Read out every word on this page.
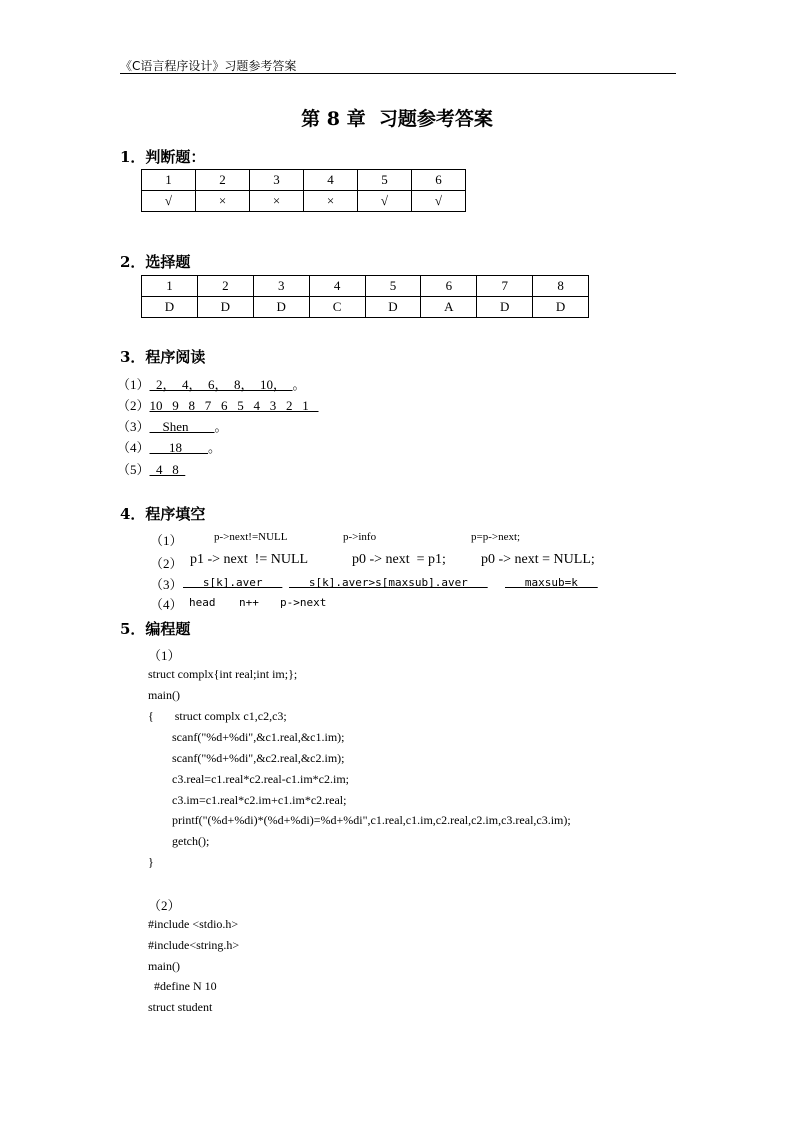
《C语言程序设计》习题参考答案
第 8 章  习题参考答案
1．判断题：
1	2	3	4	5	6
√	×	×	×	√	√
2．选择题
1	2	3	4	5	6	7	8
D	D	D	C	D	A	D	D
3．程序阅读
（1）  2，  4，  6，  8，  10，  。
（2）10   9   8   7   6   5   4   3   2   1
（3）    Shen        。
（4）      18        。
（5）  4   8
4．程序填空
（1）	p->next!=NULL	p->info	p=p->next;
（2） p1 -> next  != NULL	p0 -> next  = p1;	p0 -> next = NULL;
（3） s[k].aver s[k].aver>s[maxsub].aver maxsub=k
（4） head n++ p->next
5．编程题
（1）
struct complx{int real;int im;};
main()
{       struct complx c1,c2,c3;
scanf("%d+%di",&c1.real,&c1.im);
scanf("%d+%di",&c2.real,&c2.im);
c3.real=c1.real*c2.real-c1.im*c2.im;
c3.im=c1.real*c2.im+c1.im*c2.real;
printf("(%d+%di)*(%d+%di)=%d+%di",c1.real,c1.im,c2.real,c2.im,c3.real,c3.im);
getch();
}
（2）
#include <stdio.h>
#include<string.h>
main()
#define N 10
struct student
